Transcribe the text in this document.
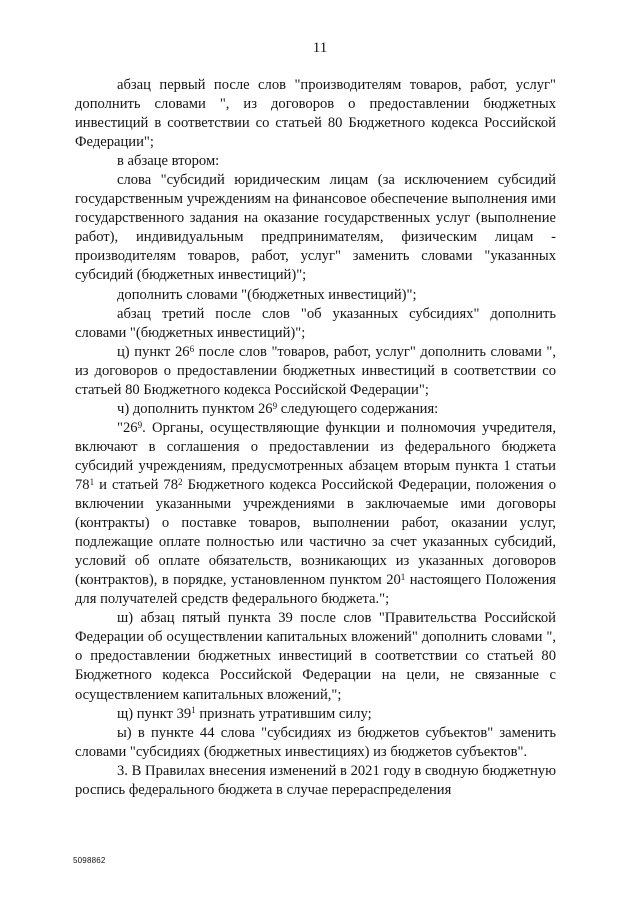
11

абзац первый после слов "производителям товаров, работ, услуг" дополнить словами ", из договоров о предоставлении бюджетных инвестиций в соответствии со статьей 80 Бюджетного кодекса Российской Федерации";

в абзаце втором:

слова "субсидий юридическим лицам (за исключением субсидий государственным учреждениям на финансовое обеспечение выполнения ими государственного задания на оказание государственных услуг (выполнение работ), индивидуальным предпринимателям, физическим лицам - производителям товаров, работ, услуг" заменить словами "указанных субсидий (бюджетных инвестиций)";

дополнить словами "(бюджетных инвестиций)";

абзац третий после слов "об указанных субсидиях" дополнить словами "(бюджетных инвестиций)";

ц) пункт $26^6$ после слов "товаров, работ, услуг" дополнить словами ", из договоров о предоставлении бюджетных инвестиций в соответствии со статьей 80 Бюджетного кодекса Российской Федерации";

ч) дополнить пунктом $26^9$ следующего содержания:

"$26^9$. Органы, осуществляющие функции и полномочия учредителя, включают в соглашения о предоставлении из федерального бюджета субсидий учреждениям, предусмотренных абзацем вторым пункта 1 статьи $78^1$ и статьей $78^2$ Бюджетного кодекса Российской Федерации, положения о включении указанными учреждениями в заключаемые ими договоры (контракты) о поставке товаров, выполнении работ, оказании услуг, подлежащие оплате полностью или частично за счет указанных субсидий, условий об оплате обязательств, возникающих из указанных договоров (контрактов), в порядке, установленном пунктом $20^1$ настоящего Положения для получателей средств федерального бюджета.";

ш) абзац пятый пункта 39 после слов "Правительства Российской Федерации об осуществлении капитальных вложений" дополнить словами ", о предоставлении бюджетных инвестиций в соответствии со статьей 80 Бюджетного кодекса Российской Федерации на цели, не связанные с осуществлением капитальных вложений,";

щ) пункт $39^1$ признать утратившим силу;

ы) в пункте 44 слова "субсидиях из бюджетов субъектов" заменить словами "субсидиях (бюджетных инвестициях) из бюджетов субъектов".

3. В Правилах внесения изменений в 2021 году в сводную бюджетную роспись федерального бюджета в случае перераспределения

5098862
